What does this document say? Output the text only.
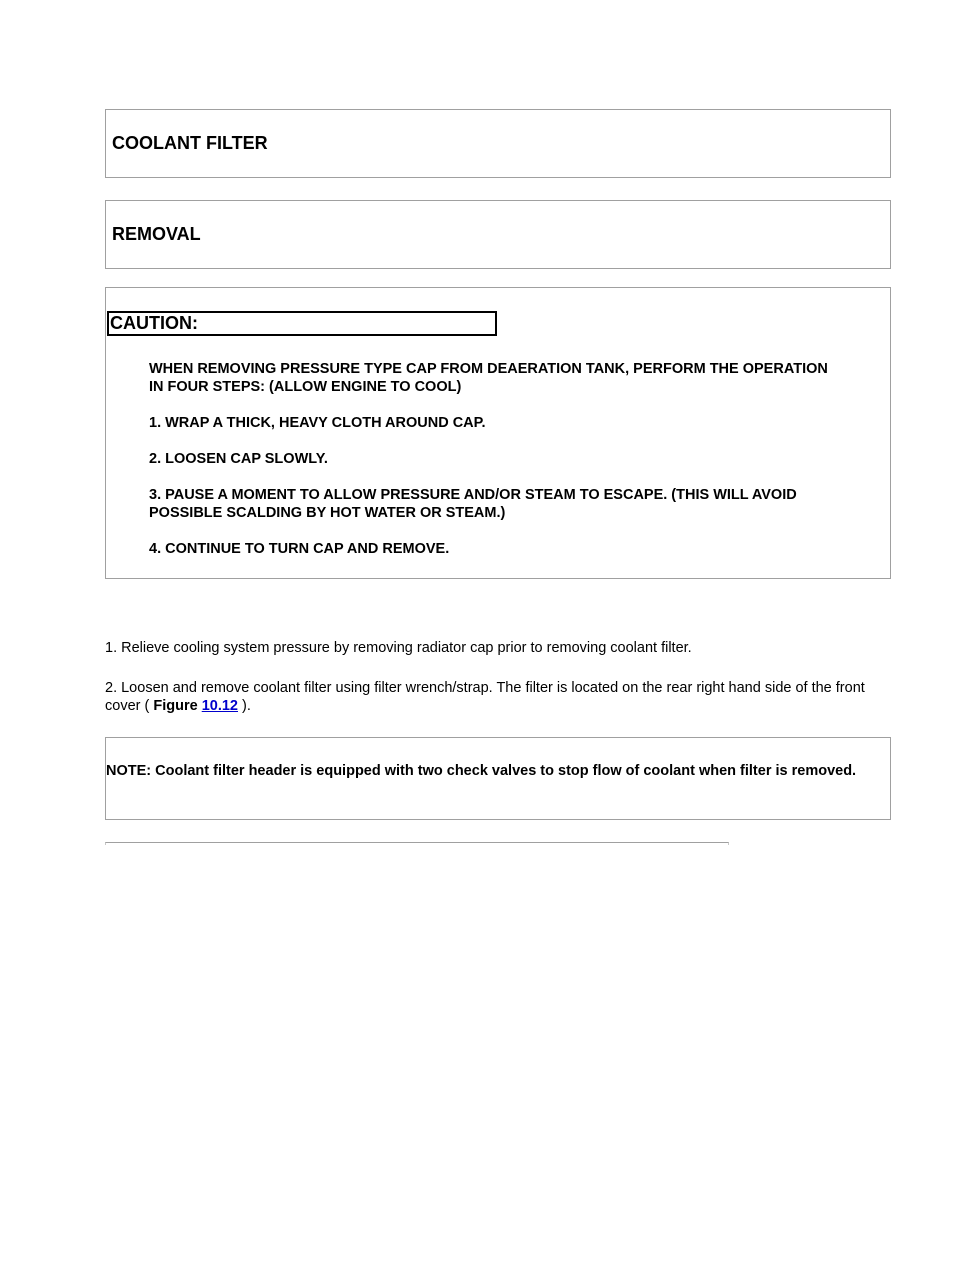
COOLANT FILTER
REMOVAL
CAUTION:

WHEN REMOVING PRESSURE TYPE CAP FROM DEAERATION TANK, PERFORM THE OPERATION IN FOUR STEPS: (ALLOW ENGINE TO COOL)

1. WRAP A THICK, HEAVY CLOTH AROUND CAP.

2. LOOSEN CAP SLOWLY.

3. PAUSE A MOMENT TO ALLOW PRESSURE AND/OR STEAM TO ESCAPE. (THIS WILL AVOID POSSIBLE SCALDING BY HOT WATER OR STEAM.)

4. CONTINUE TO TURN CAP AND REMOVE.

1. Relieve cooling system pressure by removing radiator cap prior to removing coolant filter.
2. Loosen and remove coolant filter using filter wrench/strap. The filter is located on the rear right hand side of the front cover ( Figure 10.12 ).
NOTE: Coolant filter header is equipped with two check valves to stop flow of coolant when filter is removed.
